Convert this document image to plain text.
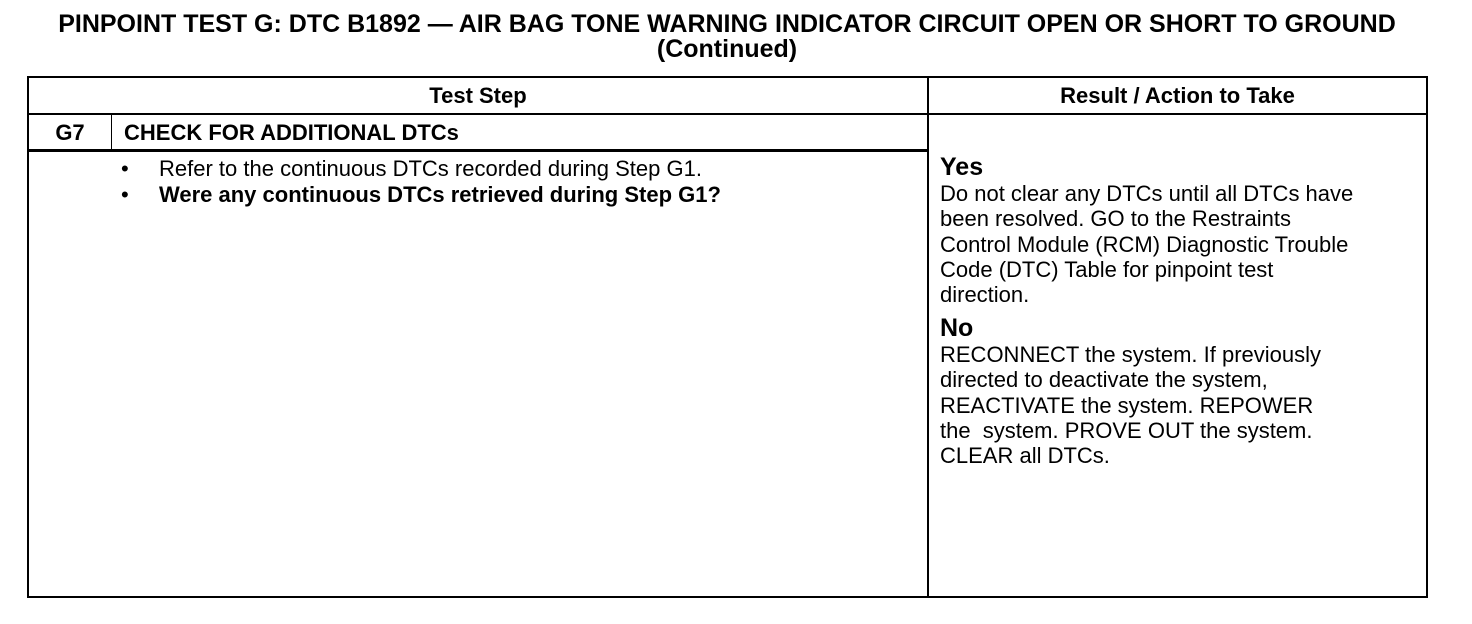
PINPOINT TEST G: DTC B1892 — AIR BAG TONE WARNING INDICATOR CIRCUIT OPEN OR SHORT TO GROUND (Continued)
Test Step	Result / Action to Take
G7	CHECK FOR ADDITIONAL DTCs
• Refer to the continuous DTCs recorded during Step G1.
• Were any continuous DTCs retrieved during Step G1?
Yes
Do not clear any DTCs until all DTCs have
been resolved. GO to the Restraints
Control Module (RCM) Diagnostic Trouble
Code (DTC) Table for pinpoint test
direction.
No
RECONNECT the system. If previously
directed to deactivate the system,
REACTIVATE the system. REPOWER
the  system. PROVE OUT the system.
CLEAR all DTCs.
